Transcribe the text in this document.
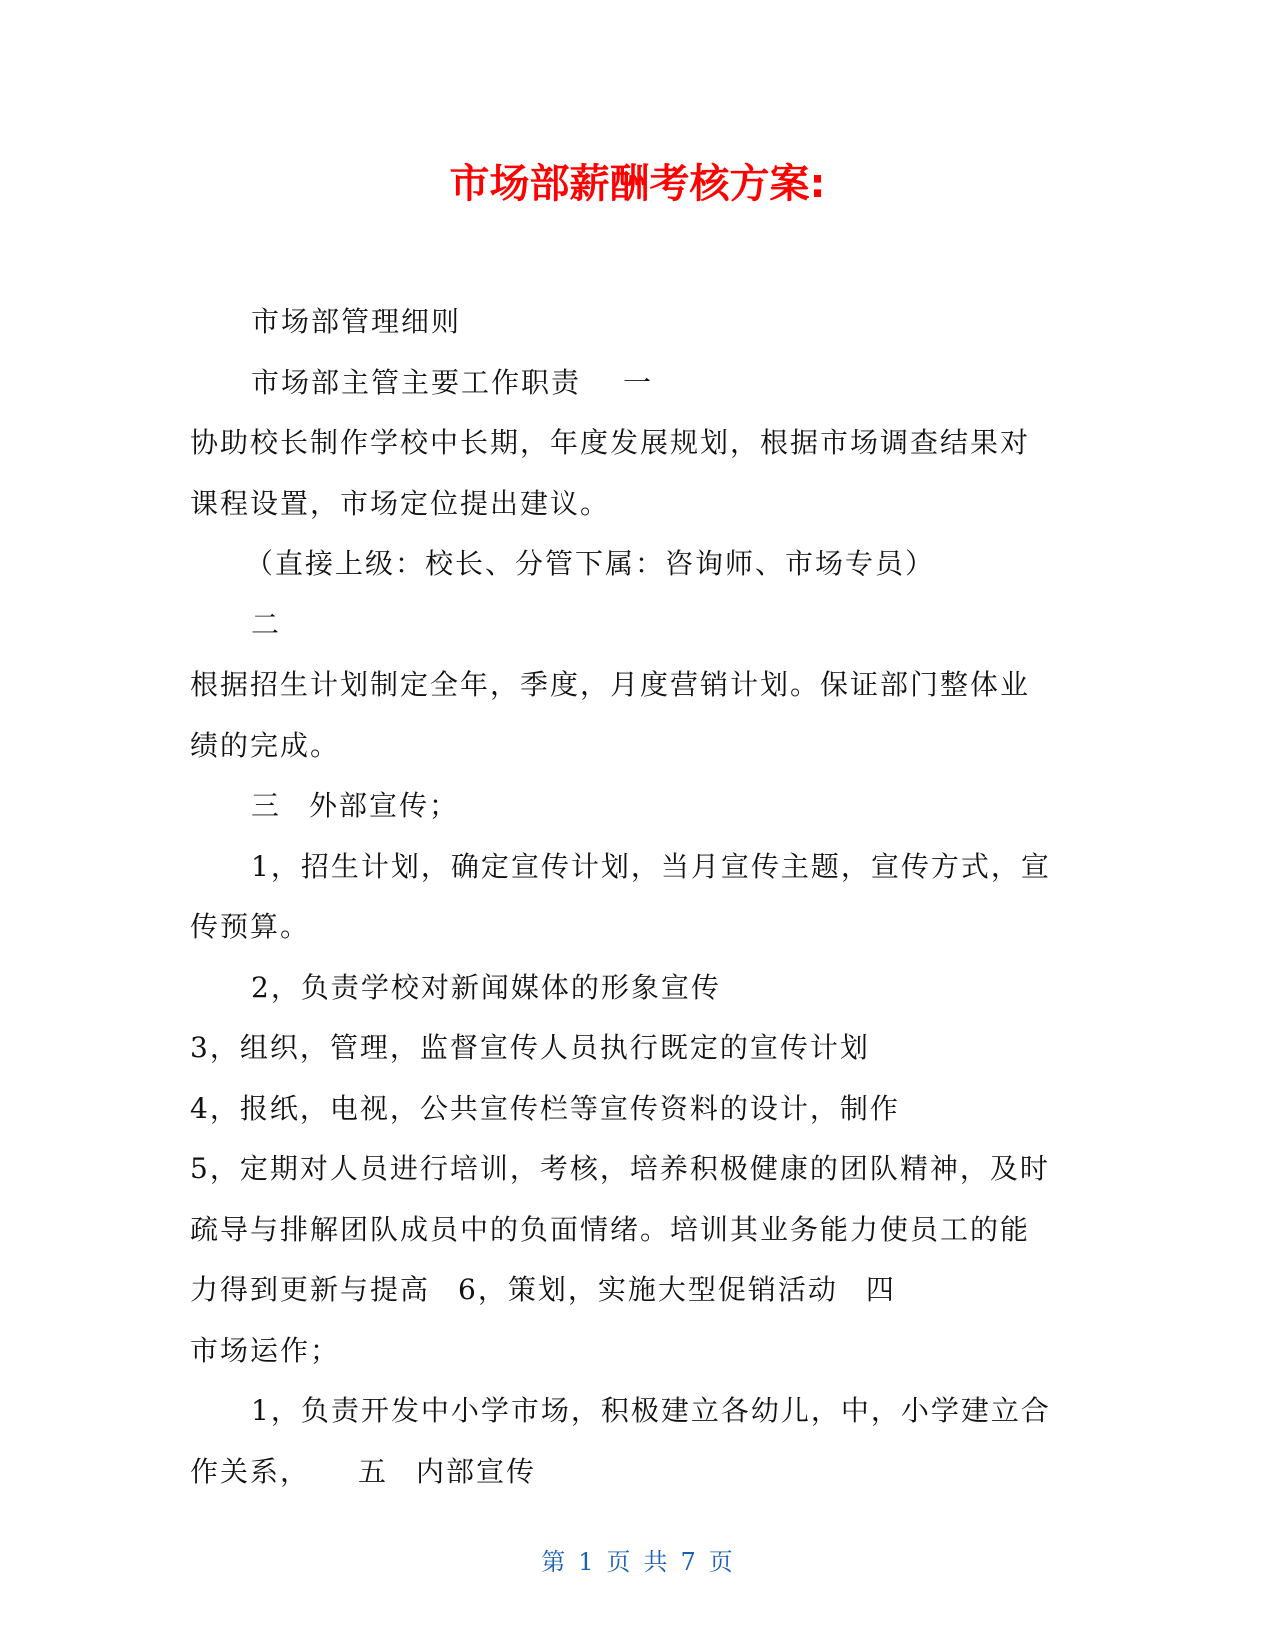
市场部薪酬考核方案:
市场部管理细则
市场部主管主要工作职责 一
协助校长制作学校中长期，年度发展规划，根据市场调查结果对
课程设置，市场定位提出建议。
（直接上级：校长、分管下属：咨询师、市场专员）
二
根据招生计划制定全年，季度，月度营销计划。保证部门整体业
绩的完成。
三 外部宣传；
1，招生计划，确定宣传计划，当月宣传主题，宣传方式，宣
传预算。
2，负责学校对新闻媒体的形象宣传
3，组织，管理，监督宣传人员执行既定的宣传计划
4，报纸，电视，公共宣传栏等宣传资料的设计，制作
5，定期对人员进行培训，考核，培养积极健康的团队精神，及时
疏导与排解团队成员中的负面情绪。培训其业务能力使员工的能
力得到更新与提高 6，策划，实施大型促销活动 四
市场运作；
1，负责开发中小学市场，积极建立各幼儿，中，小学建立合
作关系， 五 内部宣传
第 1 页 共 7 页
